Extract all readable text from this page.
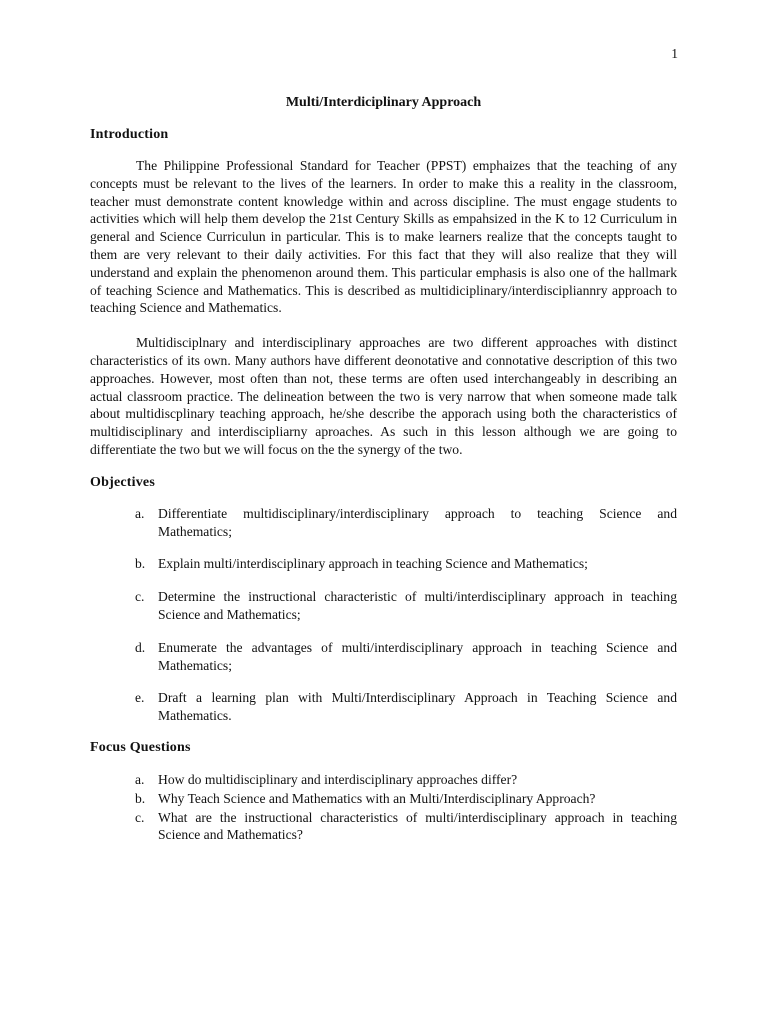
1
Multi/Interdiciplinary Approach
Introduction

The Philippine Professional Standard for Teacher (PPST) emphaizes that the teaching of any concepts must be relevant to the lives of the learners. In order to make this a reality in the classroom, teacher must demonstrate content knowledge within and across discipline. The must engage students to activities which will help them develop the 21st Century Skills as empahsized in the K to 12 Curriculum in general and Science Curriculun in particular. This is to make learners realize that the concepts taught to them are very relevant to their daily activities. For this fact that they will also realize that they will understand and explain the phenomenon around them. This particular emphasis is also one of the hallmark of teaching Science and Mathematics. This is described as multidiciplinary/interdiscipliannry approach to teaching Science and Mathematics.

Multidisciplnary and interdisciplinary approaches are two different approaches with distinct characteristics of its own. Many authors have different deonotative and connotative description of this two approaches. However, most often than not, these terms are often used interchangeably in describing an actual classroom practice. The delineation between the two is very narrow that when someone made talk about multidiscplinary teaching approach, he/she describe the apporach using both the characteristics of multidisciplinary and interdiscipliarny aproaches. As such in this lesson although we are going to differentiate the two but we will focus on the the synergy of the two.

Objectives
a. Differentiate multidisciplinary/interdisciplinary approach to teaching Science and Mathematics;
b. Explain multi/interdisciplinary approach in teaching Science and Mathematics;
c. Determine the instructional characteristic of multi/interdisciplinary approach in teaching Science and Mathematics;
d. Enumerate the advantages of multi/interdisciplinary approach in teaching Science and Mathematics;
e. Draft a learning plan with Multi/Interdisciplinary Approach in Teaching Science and Mathematics.
Focus Questions
a. How do multidisciplinary and interdisciplinary approaches differ?
b. Why Teach Science and Mathematics with an Multi/Interdisciplinary Approach?
c. What are the instructional characteristics of multi/interdisciplinary approach in teaching Science and Mathematics?
